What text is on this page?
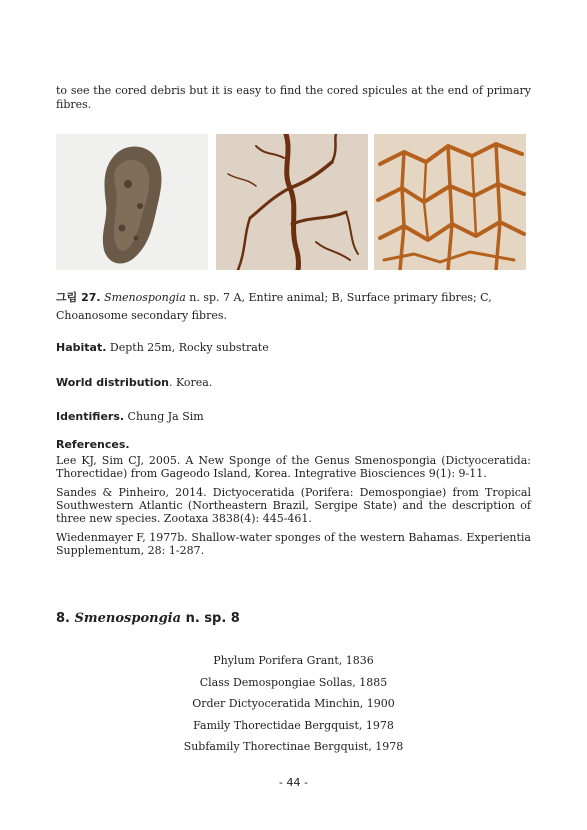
to see the cored debris but it is easy to find the cored spicules at the end of primary fibres.
그림 27. Smenospongia n. sp. 7 A, Entire animal; B, Surface primary fibres; C,
Choanosome secondary fibres.
Habitat. Depth 25m, Rocky substrate
World distribution. Korea.
Identifiers. Chung Ja Sim
References.
Lee KJ, Sim CJ, 2005. A New Sponge of the Genus Smenospongia (Dictyoceratida: Thorectidae) from Gageodo Island, Korea. Integrative Biosciences 9(1): 9-11.
Sandes & Pinheiro, 2014. Dictyoceratida (Porifera: Demospongiae) from Tropical Southwestern Atlantic (Northeastern Brazil, Sergipe State) and the description of three new species. Zootaxa 3838(4): 445-461.
Wiedenmayer F, 1977b. Shallow-water sponges of the western Bahamas. Experientia Supplementum, 28: 1-287.
8. Smenospongia n. sp. 8
Phylum Porifera Grant, 1836
Class Demospongiae Sollas, 1885
Order Dictyoceratida Minchin, 1900
Family Thorectidae Bergquist, 1978
Subfamily Thorectinae Bergquist, 1978
- 44 -
